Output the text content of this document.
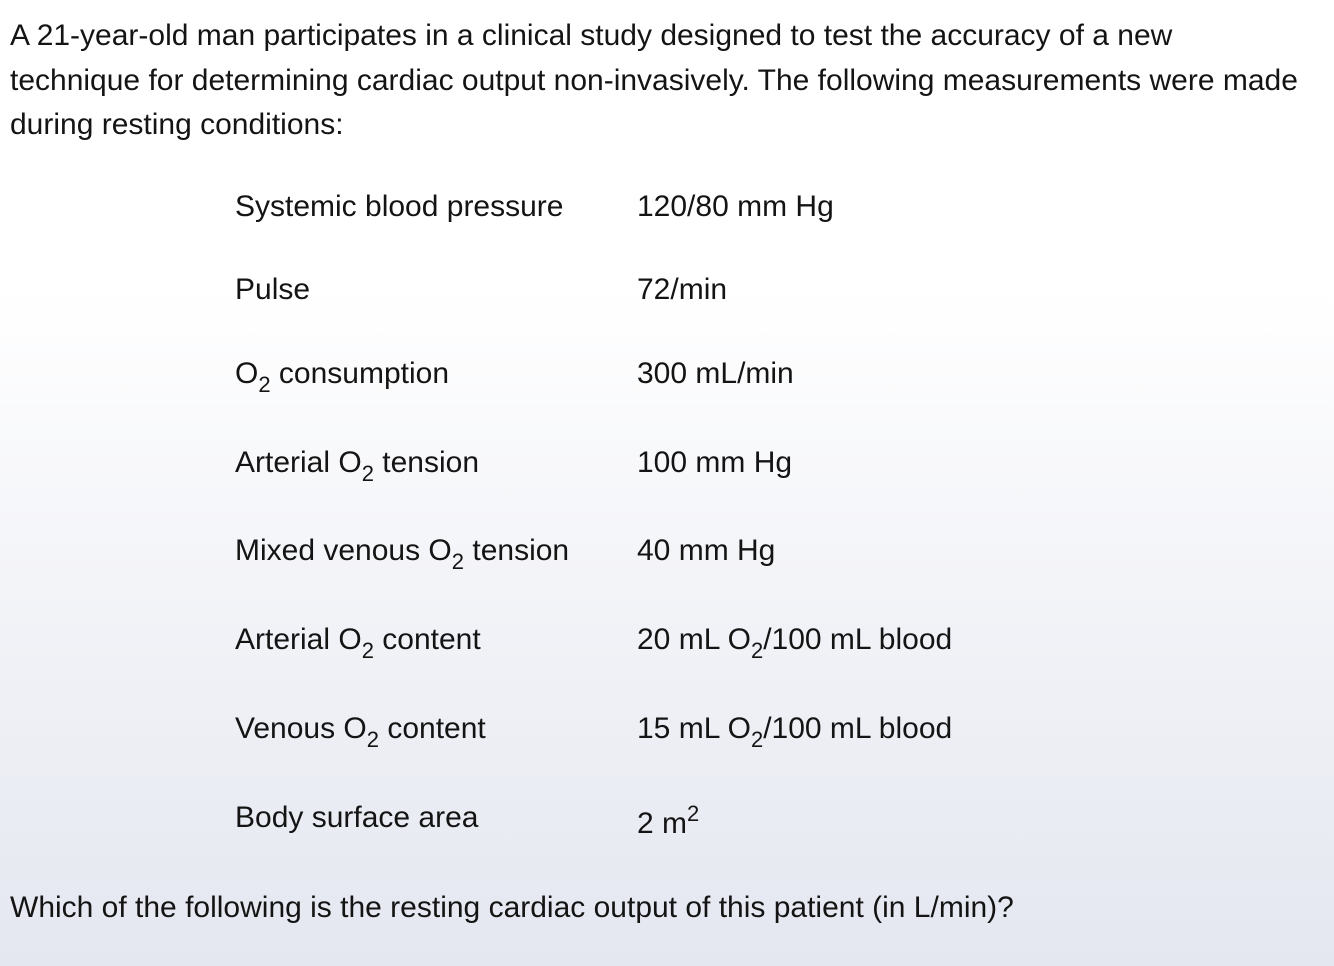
A 21-year-old man participates in a clinical study designed to test the accuracy of a new technique for determining cardiac output non-invasively. The following measurements were made during resting conditions:

Systemic blood pressure 120/80 mm Hg
Pulse	72/min
$O_2$ consumption	300 mL/min
Arterial $O_2$ tension	100 mm Hg
Mixed venous $O_2$ tension 40 mm Hg
Arterial $O_2$ content	20 mL $O_2/100$ mL blood
Venous $O_2$ content	15 mL $O_2/100$ mL blood
Body surface area	2 $m^2$

Which of the following is the resting cardiac output of this patient (in L/min)?
